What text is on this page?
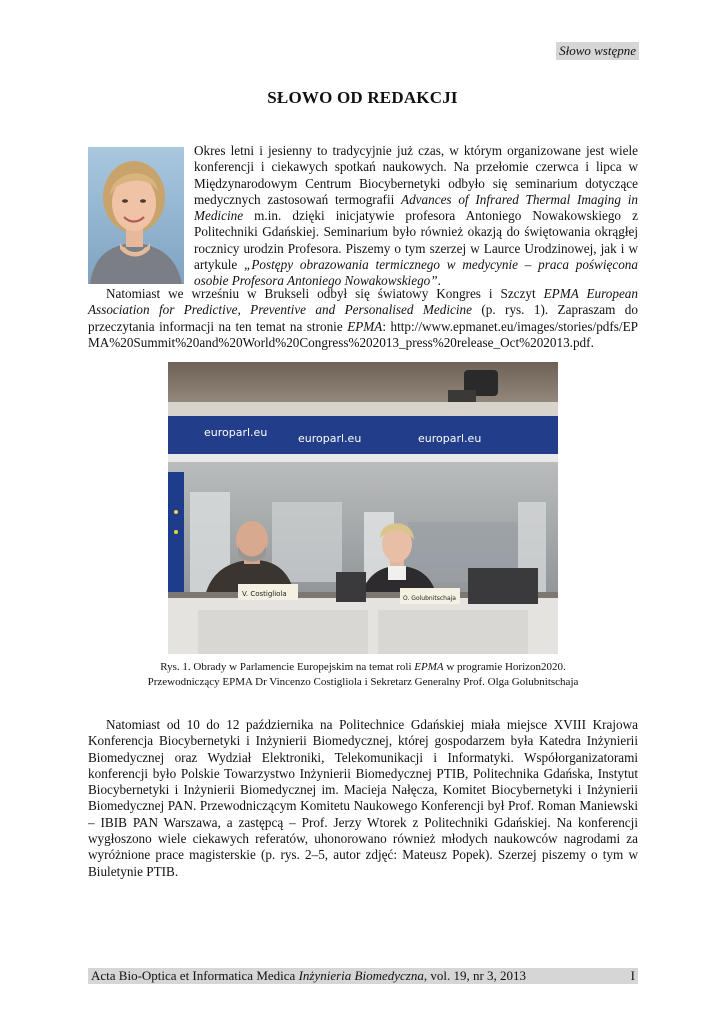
Słowo wstępne
SŁOWO OD REDAKCJI

Okres letni i jesienny to tradycyjnie już czas, w którym organizowane jest wiele konferencji i ciekawych spotkań naukowych. Na przełomie czerwca i lipca w Międzynarodowym Centrum Biocybernetyki odbyło się seminarium dotyczące medycznych zastosowań termografii Advances of Infrared Thermal Imaging in Medicine m.in. dzięki inicjatywie profesora Antoniego Nowakowskiego z Politechniki Gdańskiej. Seminarium było również okazją do świętowania okrągłej rocznicy urodzin Profesora. Piszemy o tym szerzej w Laurce Urodzinowej, jak i w artykule „Postępy obrazowania termicznego w medycynie – praca poświęcona osobie Profesora Antoniego Nowakowskiego”.

Natomiast we wrześniu w Brukseli odbył się światowy Kongres i Szczyt EPMA European Association for Predictive, Preventive and Personalised Medicine (p. rys. 1). Zapraszam do przeczytania informacji na ten temat na stronie EPMA: http://www.epmanet.eu/images/stories/pdfs/EPMA%20Summit%20and%20World%20Congress%202013_press%20release_Oct%202013.pdf.

europarl.eu	europarl.eu	europarl.eu
V. Costigliola
O. Golubnitschaja
Rys. 1. Obrady w Parlamencie Europejskim na temat roli EPMA w programie Horizon2020.
Przewodniczący EPMA Dr Vincenzo Costigliola i Sekretarz Generalny Prof. Olga Golubnitschaja

Natomiast od 10 do 12 października na Politechnice Gdańskiej miała miejsce XVIII Krajowa Konferencja Biocybernetyki i Inżynierii Biomedycznej, której gospodarzem była Katedra Inżynierii Biomedycznej oraz Wydział Elektroniki, Telekomunikacji i Informatyki. Współorganizatorami konferencji było Polskie Towarzystwo Inżynierii Biomedycznej PTIB, Politechnika Gdańska, Instytut Biocybernetyki i Inżynierii Biomedycznej im. Macieja Nałęcza, Komitet Biocybernetyki i Inżynierii Biomedycznej PAN. Przewodniczącym Komitetu Naukowego Konferencji był Prof. Roman Maniewski – IBIB PAN Warszawa, a zastępcą – Prof. Jerzy Wtorek z Politechniki Gdańskiej. Na konferencji wygłoszono wiele ciekawych referatów, uhonorowano również młodych naukowców nagrodami za wyróżnione prace magisterskie (p. rys. 2–5, autor zdjęć: Mateusz Popek). Szerzej piszemy o tym w Biuletynie PTIB.

Acta Bio-Optica et Informatica Medica Inżynieria Biomedyczna, vol. 19, nr 3, 2013	I
